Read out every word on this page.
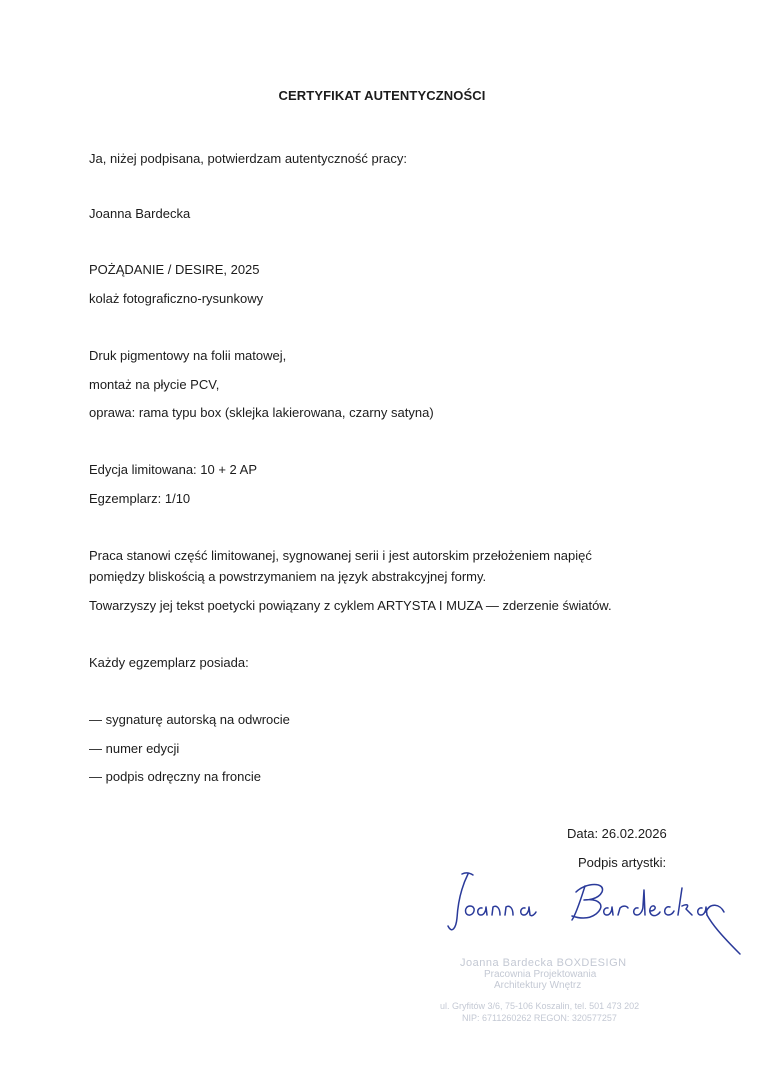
CERTYFIKAT AUTENTYCZNOŚCI
Ja, niżej podpisana, potwierdzam autentyczność pracy:
Joanna Bardecka
POŻĄDANIE / DESIRE, 2025
kolaż fotograficzno-rysunkowy
Druk pigmentowy na folii matowej,
montaż na płycie PCV,
oprawa: rama typu box (sklejka lakierowana, czarny satyna)
Edycja limitowana: 10 + 2 AP
Egzemplarz: 1/10
Praca stanowi część limitowanej, sygnowanej serii i jest autorskim przełożeniem napięć
pomiędzy bliskością a powstrzymaniem na język abstrakcyjnej formy.
Towarzyszy jej tekst poetycki powiązany z cyklem ARTYSTA I MUZA — zderzenie światów.
Każdy egzemplarz posiada:
— sygnaturę autorską na odwrocie
— numer edycji
— podpis odręczny na froncie
Data: 26.02.2026
Podpis artystki:
Joanna Bardecka BOXDESIGN
Pracownia Projektowania
Architektury Wnętrz
ul. Gryfitów 3/6, 75-106 Koszalin, tel. 501 473 202
NIP: 6711260262 REGON: 320577257
